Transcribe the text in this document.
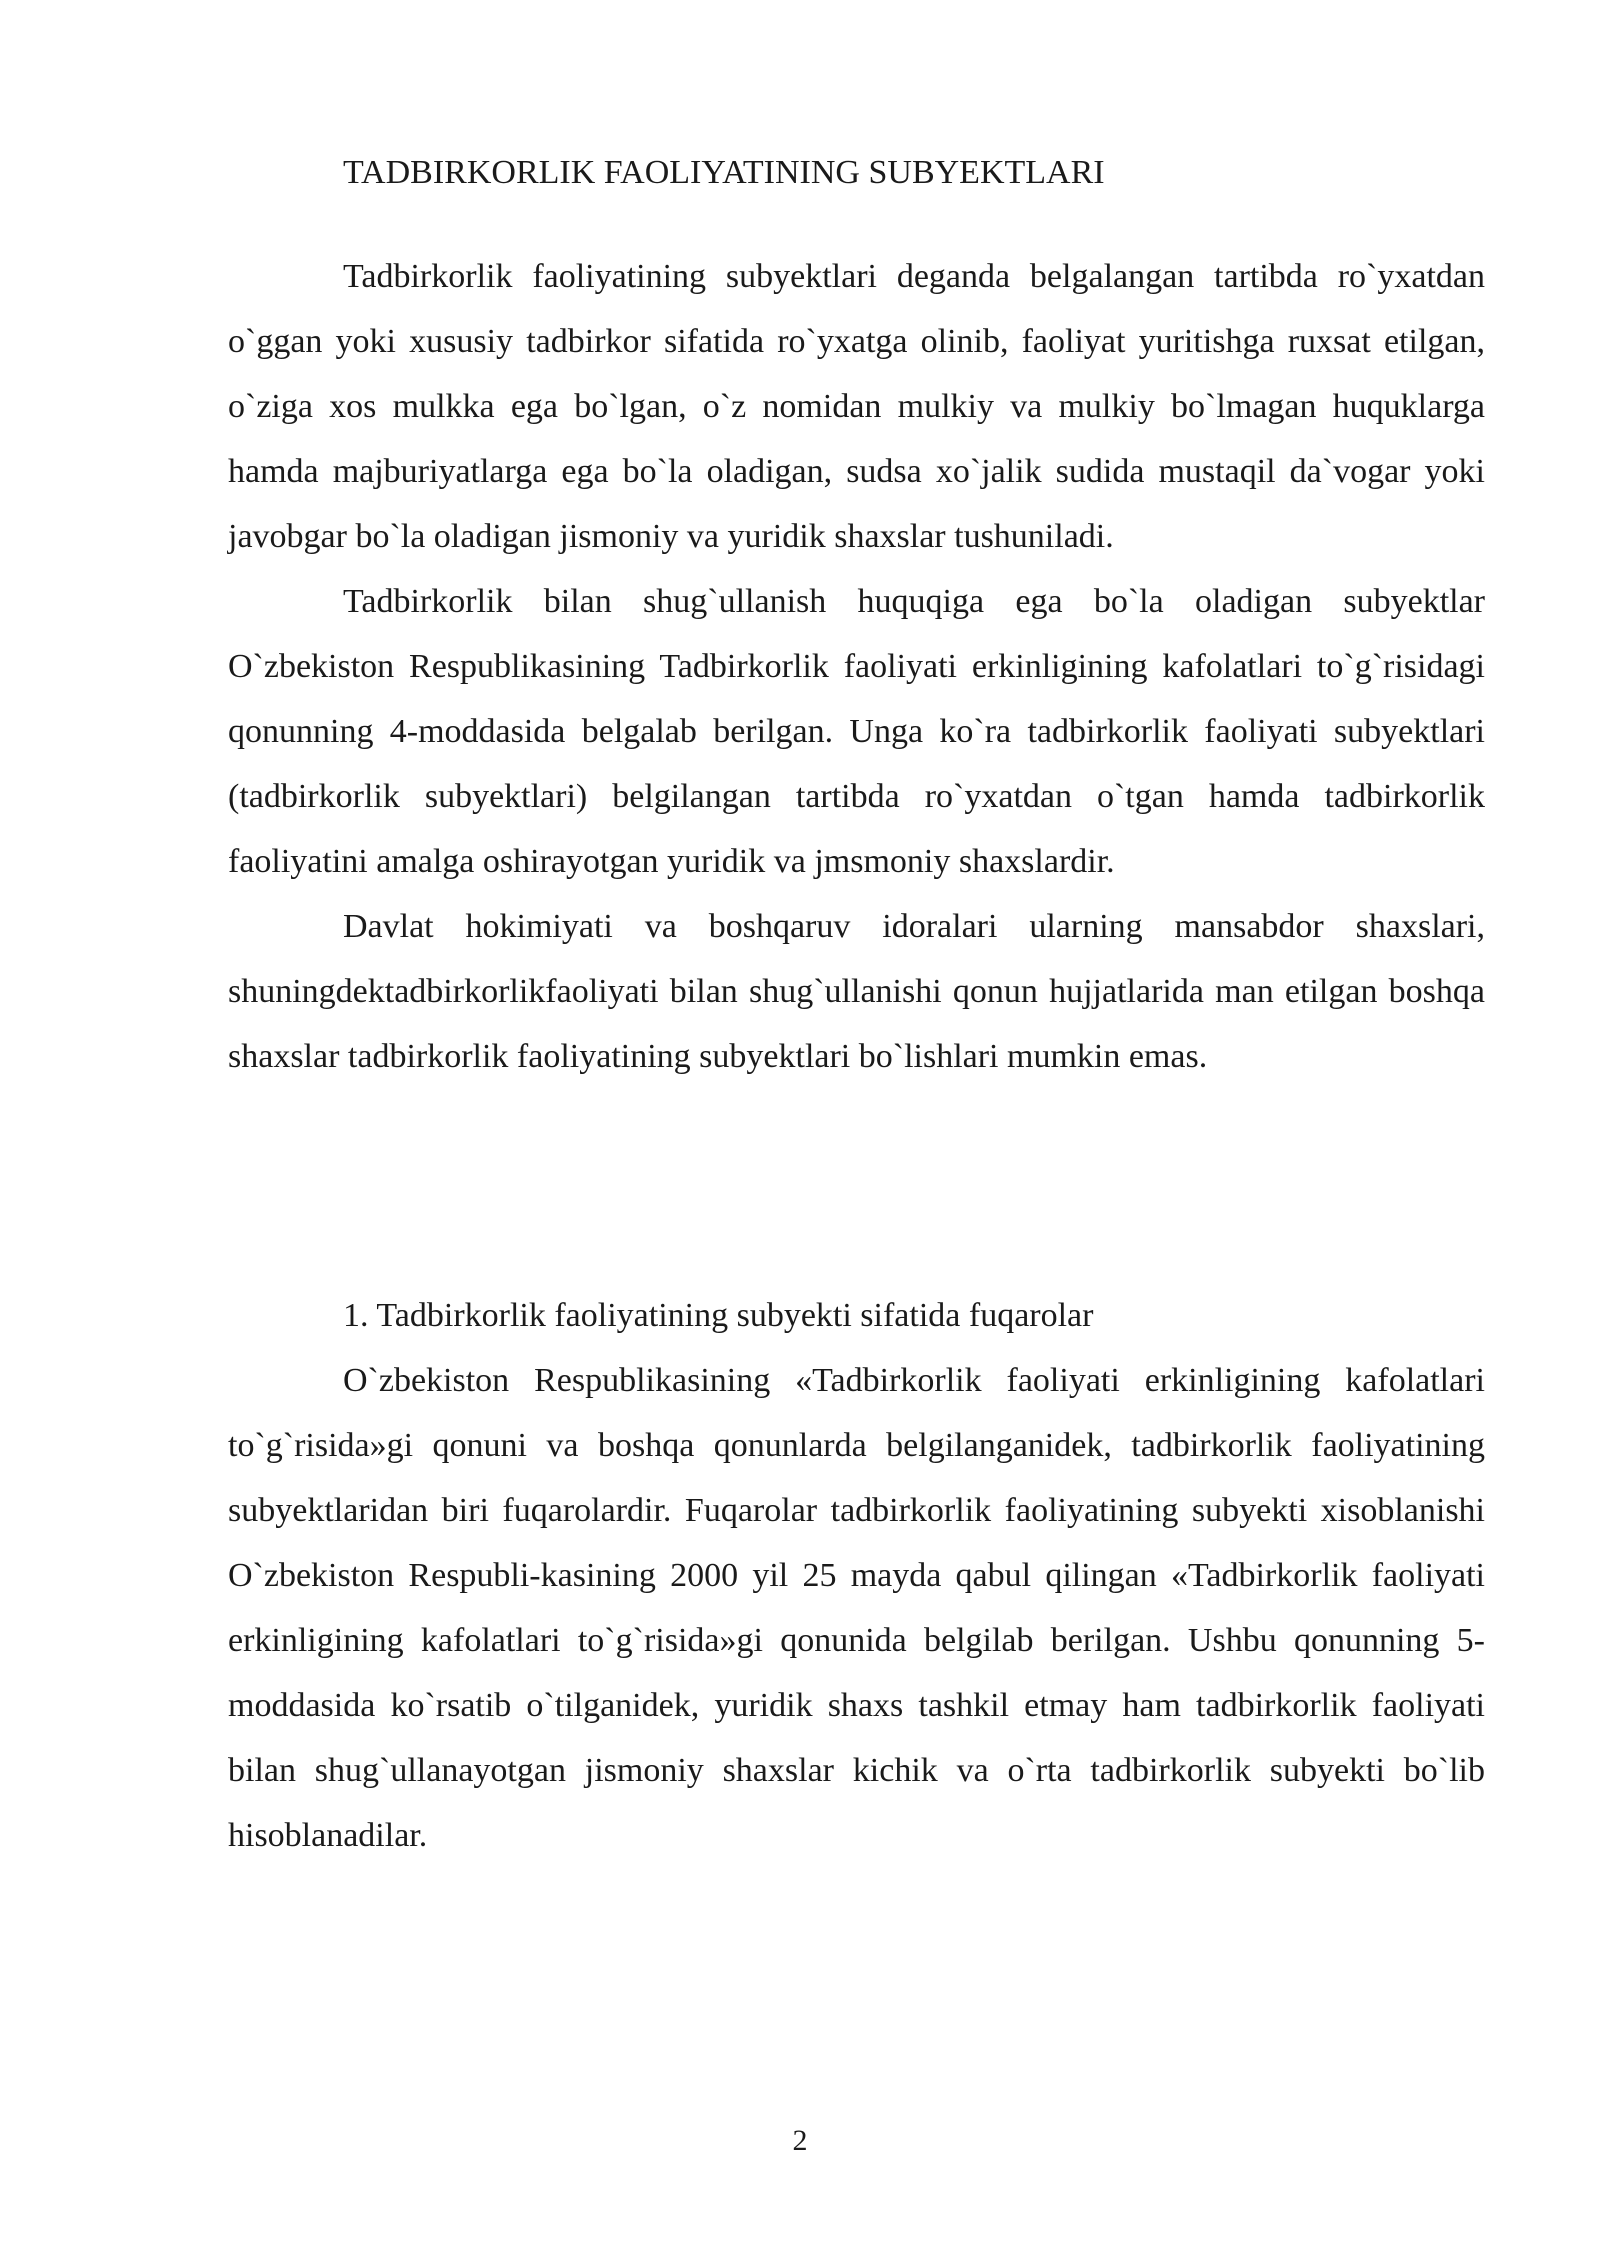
TADBIRKORLIK FAOLIYATINING SUBYEKTLARI

Tadbirkorlik faoliyatining subyektlari deganda belgalangan tartibda ro`yxatdan o`ggan yoki xususiy tadbirkor sifatida ro`yxatga olinib, faoliyat yuritishga ruxsat etilgan, o`ziga xos mulkka ega bo`lgan, o`z nomidan mulkiy va mulkiy bo`lmagan huquklarga hamda majburiyatlarga ega bo`la oladigan, sudsa xo`jalik sudida mustaqil da`vogar yoki javobgar bo`la oladigan jismoniy va yuridik shaxslar tushuniladi.

Tadbirkorlik bilan shug`ullanish huquqiga ega bo`la oladigan subyektlar O`zbekiston Respublikasining Tadbirkorlik faoliyati erkinligining kafolatlari to`g`risidagi qonunning 4-moddasida belgalab berilgan. Unga ko`ra tadbirkorlik faoliyati subyektlari (tadbirkorlik subyektlari) belgilangan tartibda ro`yxatdan o`tgan hamda tadbirkorlik faoliyatini amalga oshirayotgan yuridik va jmsmoniy shaxslardir.

Davlat hokimiyati va boshqaruv idoralari ularning mansabdor shaxslari, shuningdektadbirkorlikfaoliyati bilan shug`ullanishi qonun hujjatlarida man etilgan boshqa shaxslar tadbirkorlik faoliyatining subyektlari bo`lishlari mumkin emas.

1. Tadbirkorlik faoliyatining subyekti sifatida fuqarolar

O`zbekiston Respublikasining «Tadbirkorlik faoliyati erkinligining kafolatlari to`g`risida»gi qonuni va boshqa qonunlarda belgilanganidek, tadbirkorlik faoliyatining subyektlaridan biri fuqarolardir. Fuqarolar tadbirkorlik faoliyatining subyekti xisoblanishi O`zbekiston Respubli-kasining 2000 yil 25 mayda qabul qilingan «Tadbirkorlik faoliyati erkinligining kafolatlari to`g`risida»gi qonunida belgilab berilgan. Ushbu qonunning 5-moddasida ko`rsatib o`tilganidek, yuridik shaxs tashkil etmay ham tadbirkorlik faoliyati bilan shug`ullanayotgan jismoniy shaxslar kichik va o`rta tadbirkorlik subyekti bo`lib hisoblanadilar.

2
